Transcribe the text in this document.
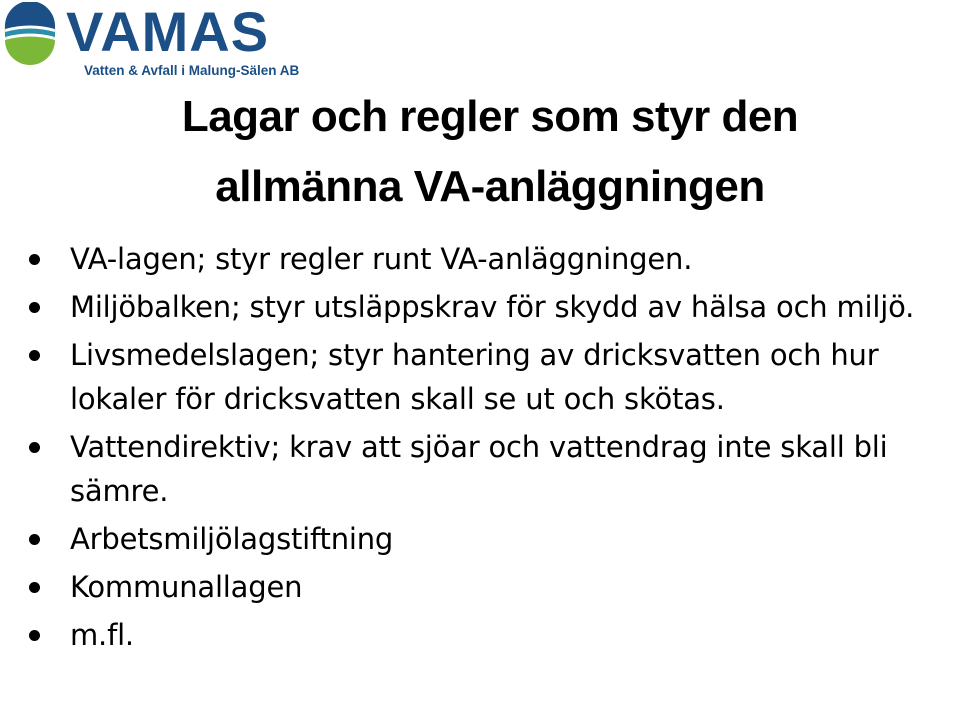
VAMAS
Vatten & Avfall i Malung-Sälen AB
Lagar och regler som styr den
allmänna VA-anläggningen
VA-lagen; styr regler runt VA-anläggningen.
Miljöbalken; styr utsläppskrav för skydd av hälsa och miljö.
Livsmedelslagen; styr hantering av dricksvatten och hur lokaler för dricksvatten skall se ut och skötas.
Vattendirektiv; krav att sjöar och vattendrag inte skall bli sämre.
Arbetsmiljölagstiftning
Kommunallagen
m.fl.
